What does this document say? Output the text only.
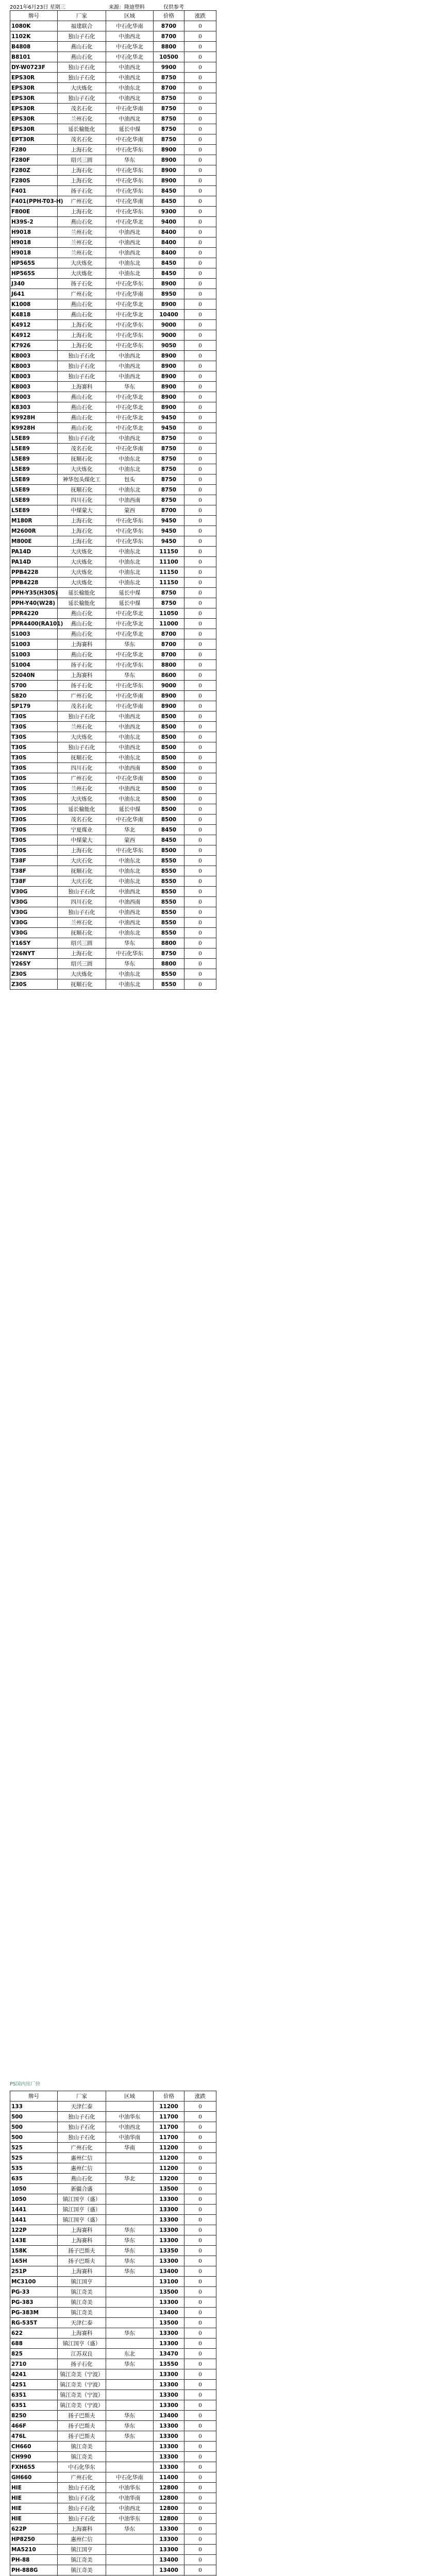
2021年6月23日 星期三	来源：隆迪塑料	仅供参考
牌号	厂家	区域	价格	涨跌
1080K	福建联合	中石化华南	8700	0
1102K	独山子石化	中油西北	8700	0
B4808	燕山石化	中石化华北	8800	0
B8101	燕山石化	中石化华北	10500	0
DY-W0723F	独山子石化	中油西北	9900	0
EPS30R	独山子石化	中油西北	8750	0
EPS30R	大庆炼化	中油东北	8700	0
EPS30R	独山子石化	中油西北	8750	0
EPS30R	茂名石化	中石化华南	8750	0
EPS30R	兰州石化	中油西北	8750	0
EPS30R	延长榆能化	延长中煤	8750	0
EPT30R	茂名石化	中石化华南	8750	0
F280	上海石化	中石化华东	8900	0
F280F	绍兴三圆	华东	8900	0
F280Z	上海石化	中石化华东	8900	0
F280S	上海石化	中石化华东	8900	0
F401	扬子石化	中石化华东	8450	0
F401(PPH-T03-H)	广州石化	中石化华南	8450	0
F800E	上海石化	中石化华东	9300	0
H39S-2	燕山石化	中石化华北	9400	0
H9018	兰州石化	中油西北	8400	0
H9018	兰州石化	中油西北	8400	0
H9018	兰州石化	中油西北	8400	0
HP565S	大庆炼化	中油东北	8450	0
HP565S	大庆炼化	中油东北	8450	0
J340	扬子石化	中石化华东	8900	0
J641	广州石化	中石化华南	8950	0
K1008	燕山石化	中石化华北	8900	0
K4818	燕山石化	中石化华北	10400	0
K4912	上海石化	中石化华东	9000	0
K4912	上海石化	中石化华东	9000	0
K7926	上海石化	中石化华东	9050	0
K8003	独山子石化	中油西北	8900	0
K8003	独山子石化	中油西北	8900	0
K8003	独山子石化	中油西北	8900	0
K8003	上海赛科	华东	8900	0
K8003	燕山石化	中石化华北	8900	0
K8303	燕山石化	中石化华北	8900	0
K9928H	燕山石化	中石化华北	9450	0
K9928H	燕山石化	中石化华北	9450	0
L5E89	独山子石化	中油西北	8750	0
L5E89	茂名石化	中石化华南	8750	0
L5E89	抚顺石化	中油东北	8750	0
L5E89	大庆炼化	中油东北	8750	0
L5E89	神华包头煤化工	包头	8750	0
L5E89	抚顺石化	中油东北	8750	0
L5E89	四川石化	中油西南	8750	0
L5E89	中煤蒙大	蒙西	8700	0
M180R	上海石化	中石化华东	9450	0
M2600R	上海石化	中石化华东	9450	0
M800E	上海石化	中石化华东	9450	0
PA14D	大庆炼化	中油东北	11150	0
PA14D	大庆炼化	中油东北	11100	0
PPB4228	大庆炼化	中油东北	11150	0
PPB4228	大庆炼化	中油东北	11150	0
PPH-Y35(H30S)	延长榆能化	延长中煤	8750	0
PPH-Y40(W28)	延长榆能化	延长中煤	8750	0
PPR4220	燕山石化	中石化华北	11050	0
PPR4400(RA101)	燕山石化	中石化华北	11000	0
S1003	燕山石化	中石化华北	8700	0
S1003	上海赛科	华东	8700	0
S1003	燕山石化	中石化华北	8700	0
S1004	扬子石化	中石化华东	8800	0
S2040N	上海赛科	华东	8600	0
S700	扬子石化	中石化华东	9000	0
S820	广州石化	中石化华南	8900	0
SP179	茂名石化	中石化华南	8900	0
T30S	独山子石化	中油西北	8500	0
T30S	兰州石化	中油西北	8500	0
T30S	大庆炼化	中油东北	8500	0
T30S	独山子石化	中油西北	8500	0
T30S	抚顺石化	中油东北	8500	0
T30S	四川石化	中油西南	8500	0
T30S	广州石化	中石化华南	8500	0
T30S	兰州石化	中油西北	8500	0
T30S	大庆炼化	中油东北	8500	0
T30S	延长榆能化	延长中煤	8500	0
T30S	茂名石化	中石化华南	8500	0
T30S	宁夏煤业	华北	8450	0
T30S	中煤蒙大	蒙西	8450	0
T30S	上海石化	中石化华东	8500	0
T38F	大庆石化	中油东北	8550	0
T38F	抚顺石化	中油东北	8550	0
T38F	大庆石化	中油东北	8550	0
V30G	独山子石化	中油西北	8550	0
V30G	四川石化	中油西南	8550	0
V30G	独山子石化	中油西北	8550	0
V30G	兰州石化	中油西北	8550	0
V30G	抚顺石化	中油东北	8550	0
Y16SY	绍兴三圆	华东	8800	0
Y26NYT	上海石化	中石化华东	8750	0
Y26SY	绍兴三圆	华东	8800	0
Z30S	大庆炼化	中油东北	8550	0
Z30S	抚顺石化	中油东北	8550	0
PS国内出厂价
牌号	厂家	区域	价格	涨跌
133	天津仁泰		11200	0
500	独山子石化	中油华东	11700	0
500	独山子石化	中油西北	11700	0
500	独山子石化	中油华南	11700	0
525	广州石化	华南	11200	0
525	惠州仁信		11200	0
535	惠州仁信		11200	0
635	燕山石化	华北	13200	0
1050	新疆合盛		13500	0
1050	镇江国亨（盛）		13300	0
1441	镇江国亨（盛）		13300	0
1441	镇江国亨（盛）		13300	0
122P	上海赛科	华东	13300	0
143E	上海赛科	华东	13300	0
158K	扬子巴斯夫	华东	13350	0
165H	扬子巴斯夫	华东	13300	0
251P	上海赛科	华东	13400	0
MC3100	镇江国亨		13100	0
PG-33	镇江奇美		13500	0
PG-383	镇江奇美		13300	0
PG-383M	镇江奇美		13400	0
RG-535T	天津仁泰		13500	0
622	上海赛科	华东	13300	0
688	镇江国亨（盛）		13300	0
825	江苏双良	东北	13470	0
2710	扬子石化	华东	13550	0
4241	镇江奇美（宁波）		13300	0
4251	镇江奇美（宁波）		13300	0
6351	镇江奇美（宁波）		13300	0
6351	镇江奇美（宁波）		13300	0
8250	扬子巴斯夫	华东	13400	0
466F	扬子巴斯夫	华东	13300	0
476L	扬子巴斯夫	华东	13300	0
CH660	镇江奇美		13300	0
CH990	镇江奇美		13300	0
FXH655	中石化华东		13300	0
GH660	广州石化	中石化华南	11400	0
HIE	独山子石化	中油华东	12800	0
HIE	独山子石化	中油华南	12800	0
HIE	独山子石化	中油西北	12800	0
HIE	独山子石化	中油华东	12800	0
622P	上海赛科	华东	13300	0
HP8250	惠州仁信		13300	0
MA5210	镇江国亨		13300	0
PH-88	镇江奇美		13400	0
PH-888G	镇江奇美		13400	0
